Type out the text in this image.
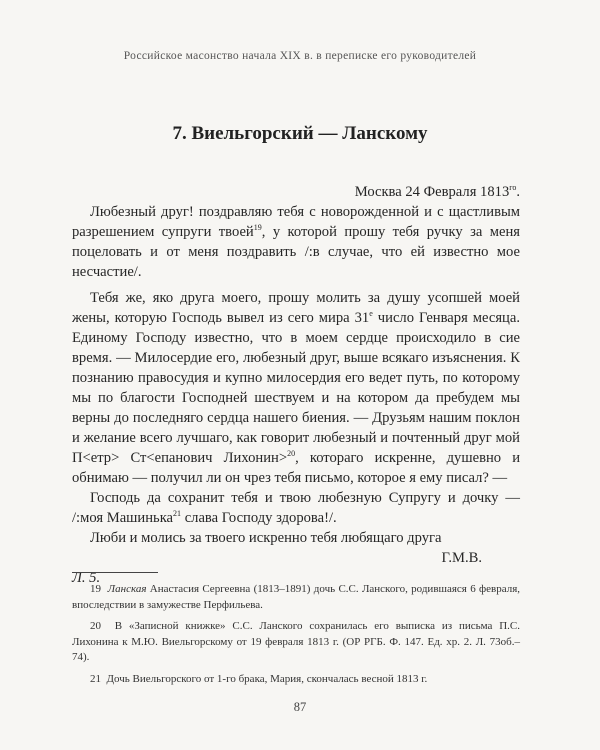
Российское масонство начала XIX в. в переписке его руководителей
7. Виельгорский — Ланскому

Москва 24 Февраля $1813^{го}$.

Любезный друг! поздравляю тебя с новорожденной и с щастливым разрешением супруги твоей$^{19}$, у которой прошу тебя ручку за меня поцеловать и от меня поздравить /:в случае, что ей известно мое несчастие/.

Тебя же, яко друга моего, прошу молить за душу усопшей моей жены, которую Господь вывел из сего мира $31^е$ число Генваря месяца. Единому Господу известно, что в моем сердце происходило в сие время. — Милосердие его, любезный друг, выше всякаго изъяснения. К познанию правосудия и купно милосердия его ведет путь, по которому мы по благости Господней шествуем и на котором да пребудем мы верны до последняго сердца нашего биения. — Друзьям нашим поклон и желание всего лучшаго, как говорит любезный и почтенный друг мой П<етр> Ст<епанович Лихонин>$^{20}$, котораго искренне, душевно и обнимаю — получил ли он чрез тебя письмо, которое я ему писал? —

Господь да сохранит тебя и твою любезную Супругу и дочку — /:моя Машинька$^{21}$ слава Господу здорова!/.

Люби и молись за твоего искренно тебя любящаго друга

Г.М.В.

Л. 5.

19 Ланская Анастасия Сергеевна (1813–1891) дочь С.С. Ланского, родившаяся 6 февраля, впоследствии в замужестве Перфильева.

20 В «Записной книжке» С.С. Ланского сохранилась его выписка из письма П.С. Лихонина к М.Ю. Виельгорскому от 19 февраля 1813 г. (ОР РГБ. Ф. 147. Ед. хр. 2. Л. 73об.–74).

21 Дочь Виельгорского от 1-го брака, Мария, скончалась весной 1813 г.

87
